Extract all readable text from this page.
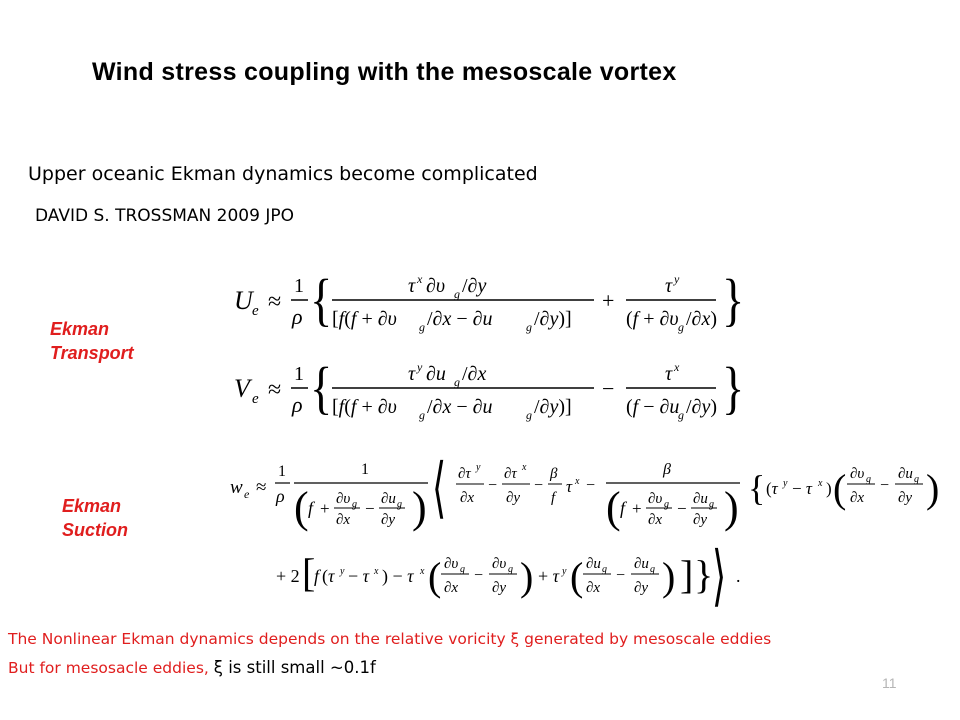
Wind stress coupling with the mesoscale vortex
Upper oceanic Ekman dynamics become complicated
DAVID S. TROSSMAN 2009 JPO
Ekman
Transport
Ekman
Suction
U e ≈
1
ρ {	τ x ∂υ g /∂y
[f(f + ∂υ g /∂x − ∂u	g /∂y)]
+
τ y
(f + ∂υ g /∂x) }
V e ≈
1
ρ {	τ y ∂u g /∂x
[f(f + ∂υ g /∂x − ∂u	g /∂y)]
−
τ x
(f − ∂u
g /∂y) }
w e ≈
1
ρ
1
( f + ∂υ g
∂x
− ∂u g
∂y ) ⟨ ∂τ y
∂x
−
∂τ x
∂y
−
β
f
τ x −
β
( f + ∂υ g
∂x
− ∂u g
∂y ) { (τ y − τ x ) ( ∂υ g
∂x
−
∂u g
∂y )
+ 2 [
f (τ y − τ x ) − τ x ( ∂υ g
∂x
−
∂υ g
∂y ) + τ y ( ∂u g
∂x
−
∂u g
∂y ) ] }
⟩ .
The Nonlinear Ekman dynamics depends on the relative voricity ξ generated by mesoscale eddies
But for mesosacle eddies, ξ is still small ~0.1f
11
